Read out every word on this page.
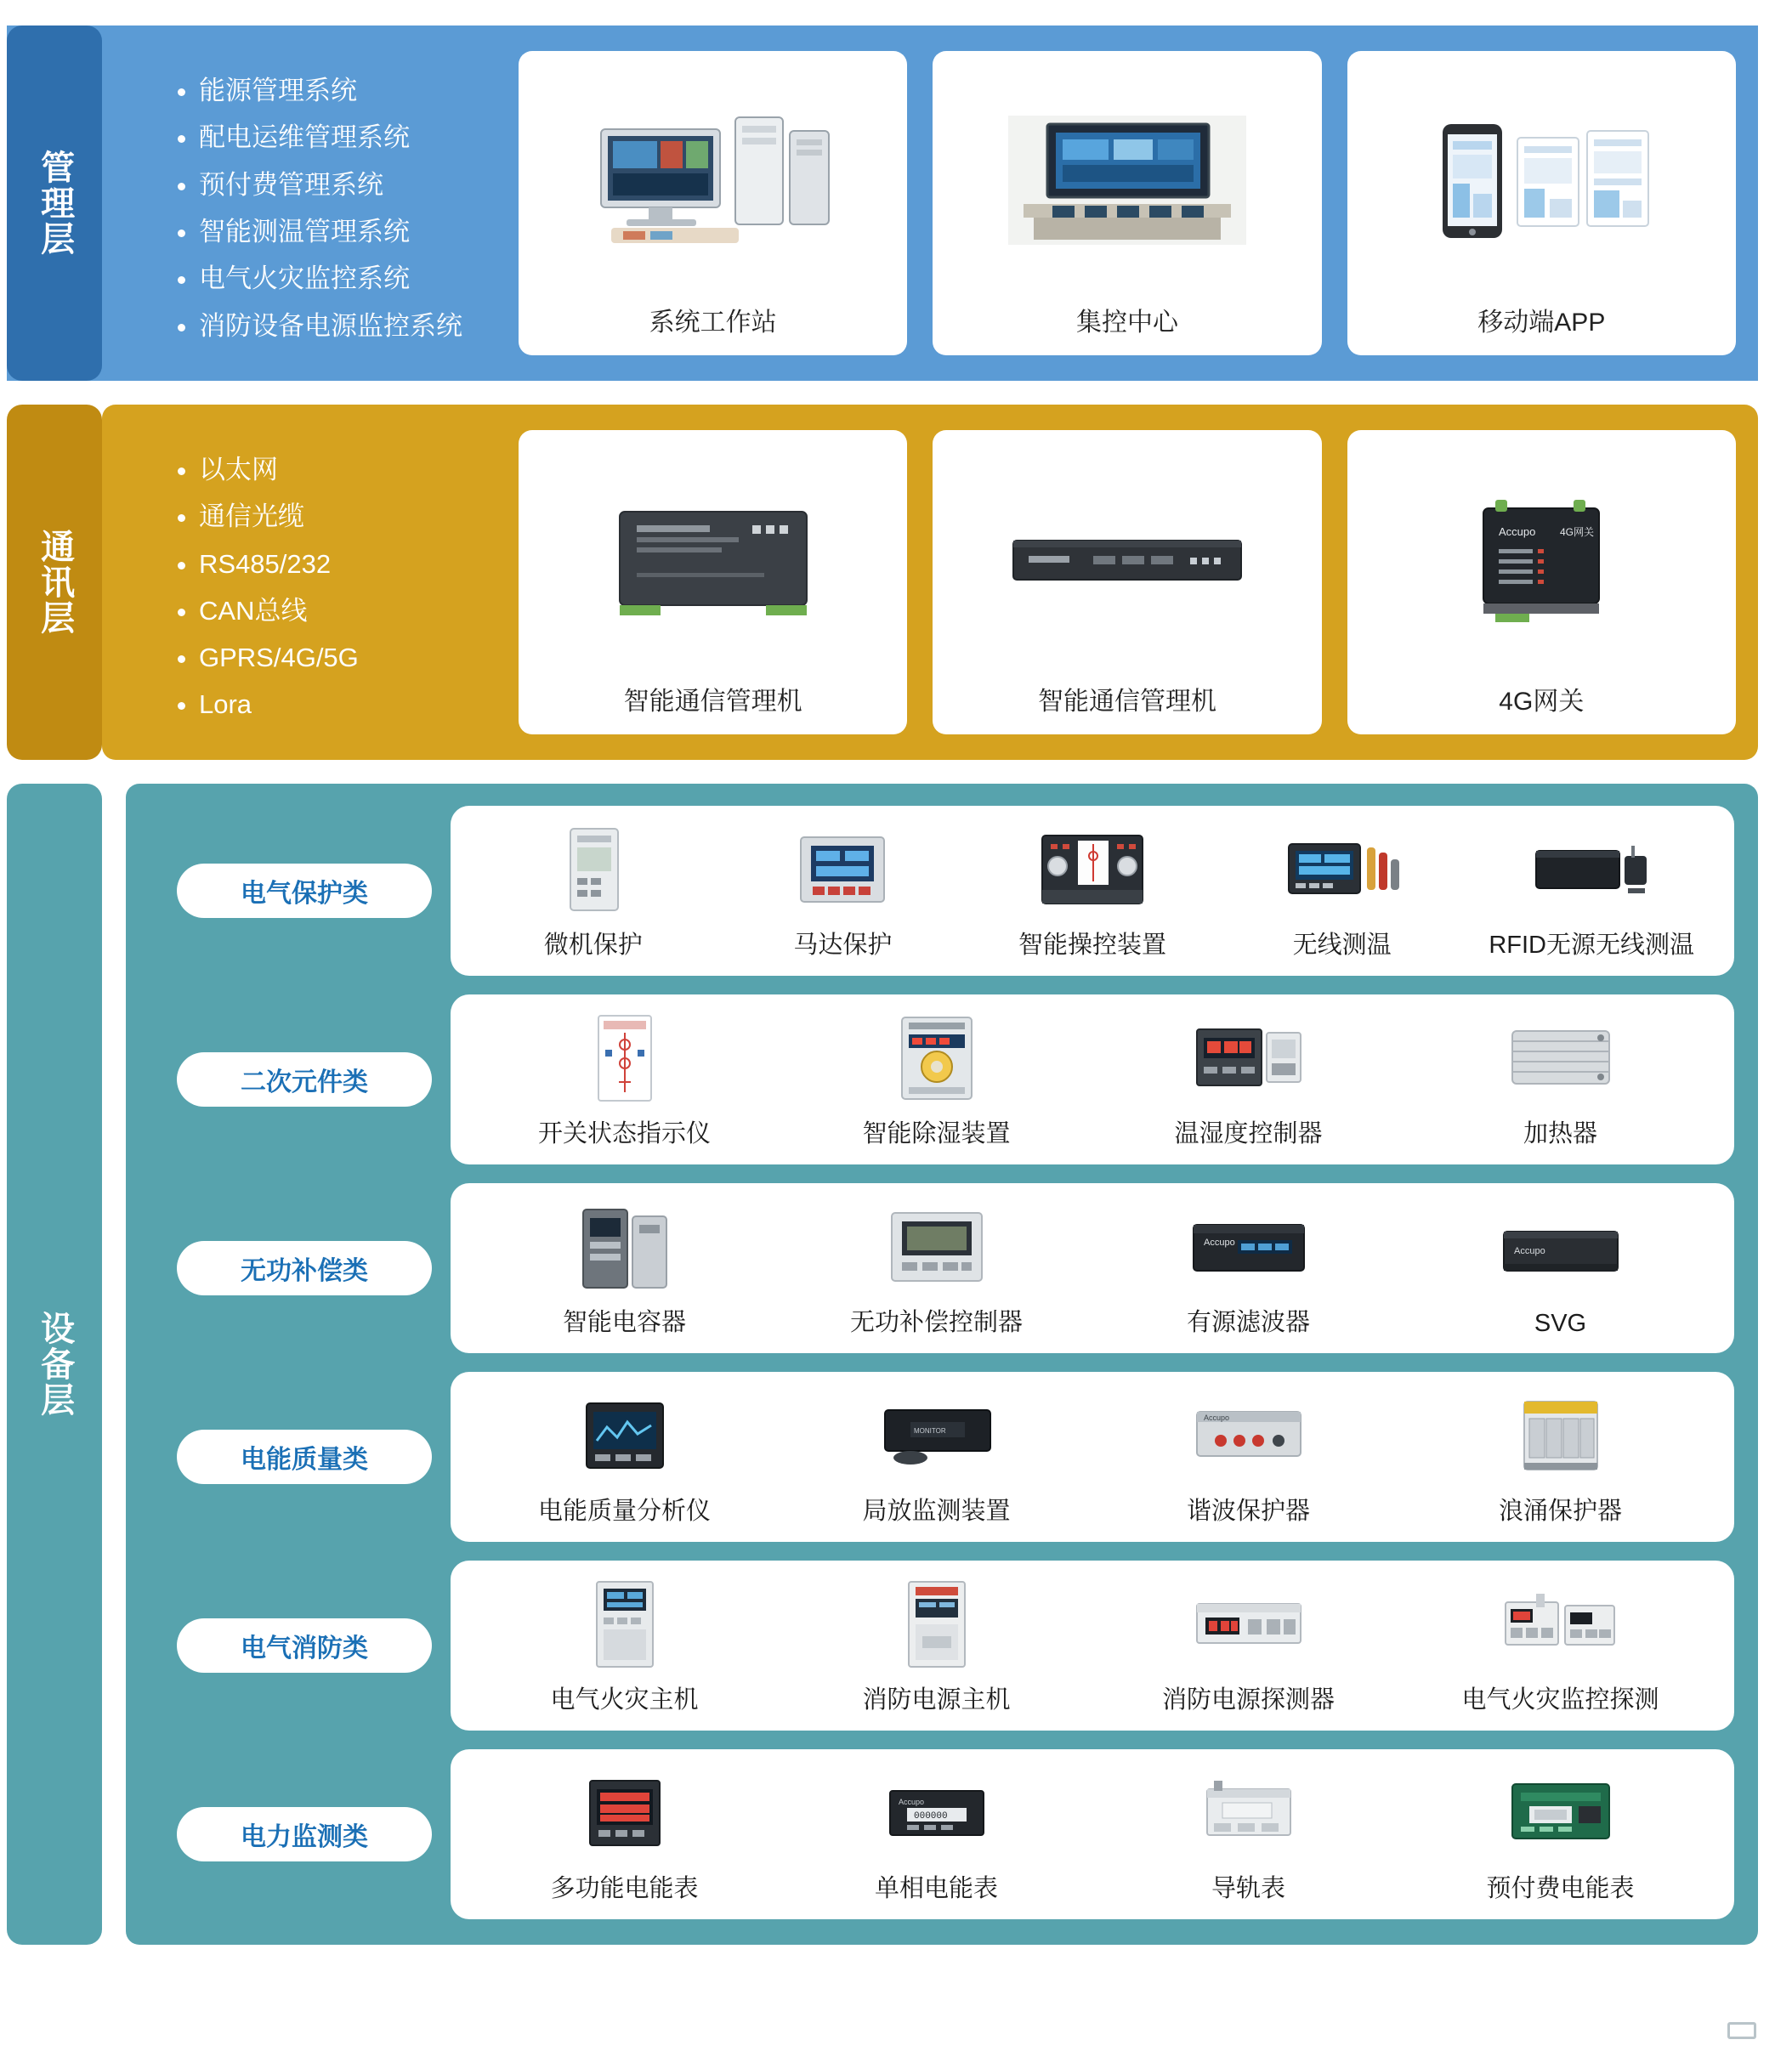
管理层
• 能源管理系统
• 配电运维管理系统
• 预付费管理系统
• 智能测温管理系统
• 电气火灾监控系统
• 消防设备电源监控系统	系统工作站	集控中心	移动端APP
通讯层
• 以太网
• 通信光缆
• RS485/232
• CAN总线
• GPRS/4G/5G
• Lora	智能通信管理机	智能通信管理机
Accupo 4G网关
4G网关
设备层
电气保护类
微机保护	马达保护	智能操控装置	无线测温	RFID无源无线测温
二次元件类
开关状态指示仪	智能除湿装置	温湿度控制器	加热器
无功补偿类
智能电容器	无功补偿控制器
Accupo
有源滤波器
Accupo
SVG
电能质量类
电能质量分析仪
MONITOR
局放监测装置
Accupo
谐波保护器	浪涌保护器
电气消防类
电气火灾主机	消防电源主机	消防电源探测器	电气火灾监控探测
电力监测类
多功能电能表
Accupo
000000
单相电能表	导轨表	预付费电能表
